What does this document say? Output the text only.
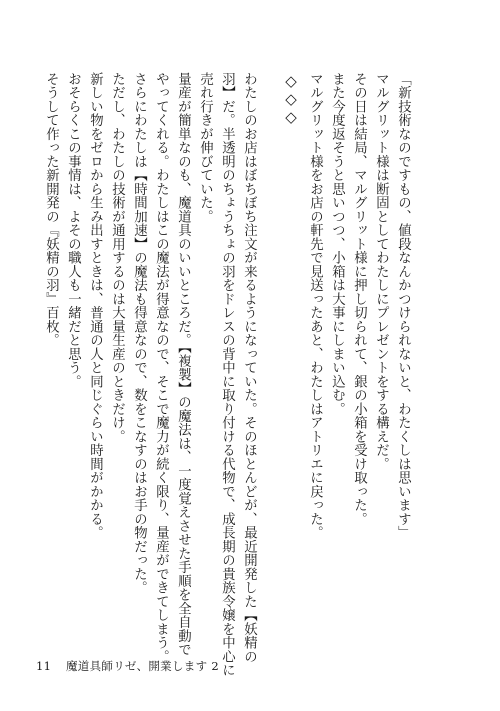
「新技術なのですもの、値段なんかつけられないと、わたくしは思います」
マルグリット様は断固としてわたしにプレゼントをする構えだ。
その日は結局、マルグリット様に押し切られて、銀の小箱を受け取った。
また今度返そうと思いつつ、小箱は大事にしまい込む。
マルグリット様をお店の軒先で見送ったあと、わたしはアトリエに戻った。
◇◇◇
わたしのお店はぼちぼち注文が来るようになっていた。そのほとんどが、最近開発した【妖精の
羽】だ。半透明のちょうちょの羽をドレスの背中に取り付ける代物で、成長期の貴族令嬢を中心に
売れ行きが伸びていた。
量産が簡単なのも、魔道具のいいところだ。【複製】の魔法は、一度覚えさせた手順を全自動で
やってくれる。わたしはこの魔法が得意なので、そこで魔力が続く限り、量産ができてしまう。
さらにわたしは【時間加速】の魔法も得意なので、数をこなすのはお手の物だった。
ただし、わたしの技術が通用するのは大量生産のときだけ。
新しい物をゼロから生み出すときは、普通の人と同じぐらい時間がかかる。
おそらくこの事情は、よその職人も一緒だと思う。
そうして作った新開発の『妖精の羽』百枚。
11 魔道具師リゼ、開業します 2
